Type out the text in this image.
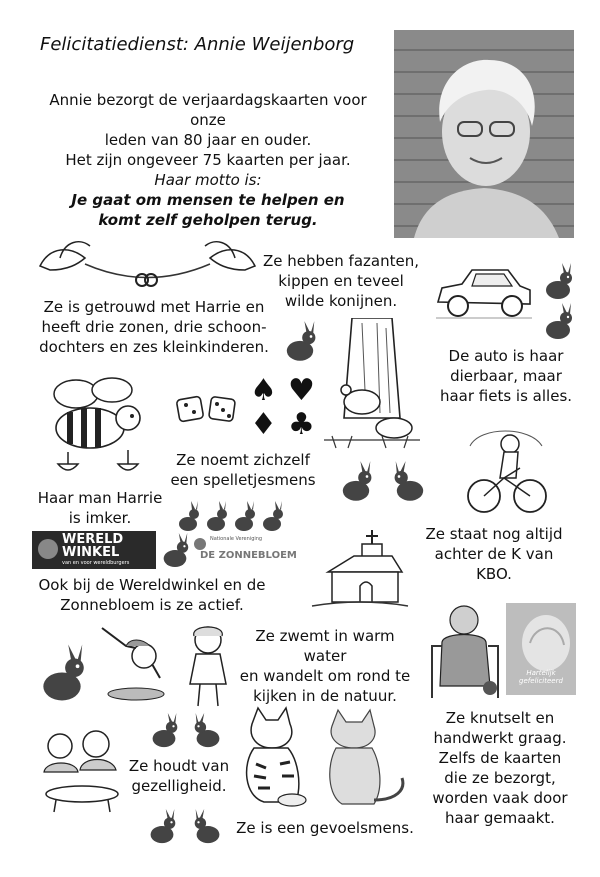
Felicitatiedienst: Annie Weijenborg
Annie bezorgt de verjaardagskaarten voor onze
leden van 80 jaar en ouder.
Het zijn ongeveer 75 kaarten per jaar.
Haar motto is:
Je gaat om mensen te helpen en
komt zelf geholpen terug.
Ze hebben fazanten,
kippen en teveel
wilde konijnen.
Ze is getrouwd met Harrie en
heeft drie zonen, drie schoon-
dochters en zes kleinkinderen.	De auto is haar
dierbaar, maar
haar fiets is alles.
♠ ♥
♦ ♣
Ze noemt zichzelf
een spelletjesmens
Haar man Harrie
is imker.
WERELD
WINKEL
van en voor wereldburgers
Nationale Vereniging
DE ZONNEBLOEM
Ze staat nog altijd
achter de K van
KBO.
Ook bij de Wereldwinkel en de
Zonnebloem is ze actief.
Ze zwemt in warm water
en wandelt om rond te
kijken in de natuur.
Hartelijk gefeliciteerd
Ze houdt van
gezelligheid.
Ze is een gevoelsmens.
Ze knutselt en
handwerkt graag.
Zelfs de kaarten
die ze bezorgt,
worden vaak door
haar gemaakt.
